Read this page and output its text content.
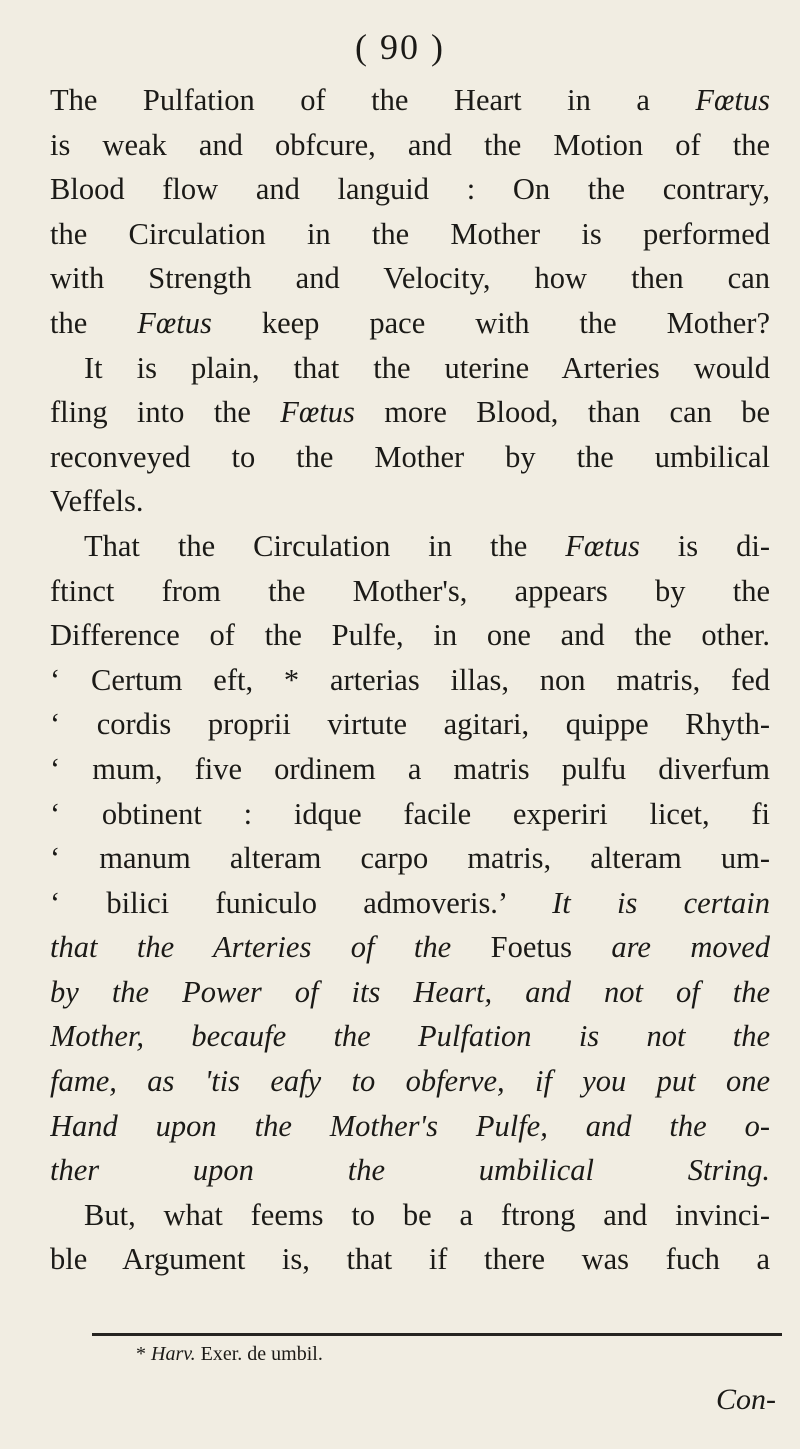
( 90 )
The Pulfation of the Heart in a Fœtus
is weak and obfcure, and the Motion of the
Blood flow and languid : On the contrary,
the Circulation in the Mother is performed
with Strength and Velocity, how then can
the Fœtus keep pace with the Mother?
It is plain, that the uterine Arteries would
fling into the Fœtus more Blood, than can be
reconveyed to the Mother by the umbilical
Veffels.
That the Circulation in the Fœtus is di-
ftinct from the Mother's, appears by the
Difference of the Pulfe, in one and the other.
‘ Certum eft, * arterias illas, non matris, fed
‘ cordis proprii virtute agitari, quippe Rhyth-
‘ mum, five ordinem a matris pulfu diverfum
‘ obtinent : idque facile experiri licet, fi
‘ manum alteram carpo matris, alteram um-
‘ bilici funiculo admoveris.’ It is certain
that the Arteries of the Foetus are moved
by the Power of its Heart, and not of the
Mother, becaufe the Pulfation is not the
fame, as 'tis eafy to obferve, if you put one
Hand upon the Mother's Pulfe, and the o-
ther upon the umbilical String.
But, what feems to be a ftrong and invinci-
ble Argument is, that if there was fuch a
* Harv. Exer. de umbil.
Con-
